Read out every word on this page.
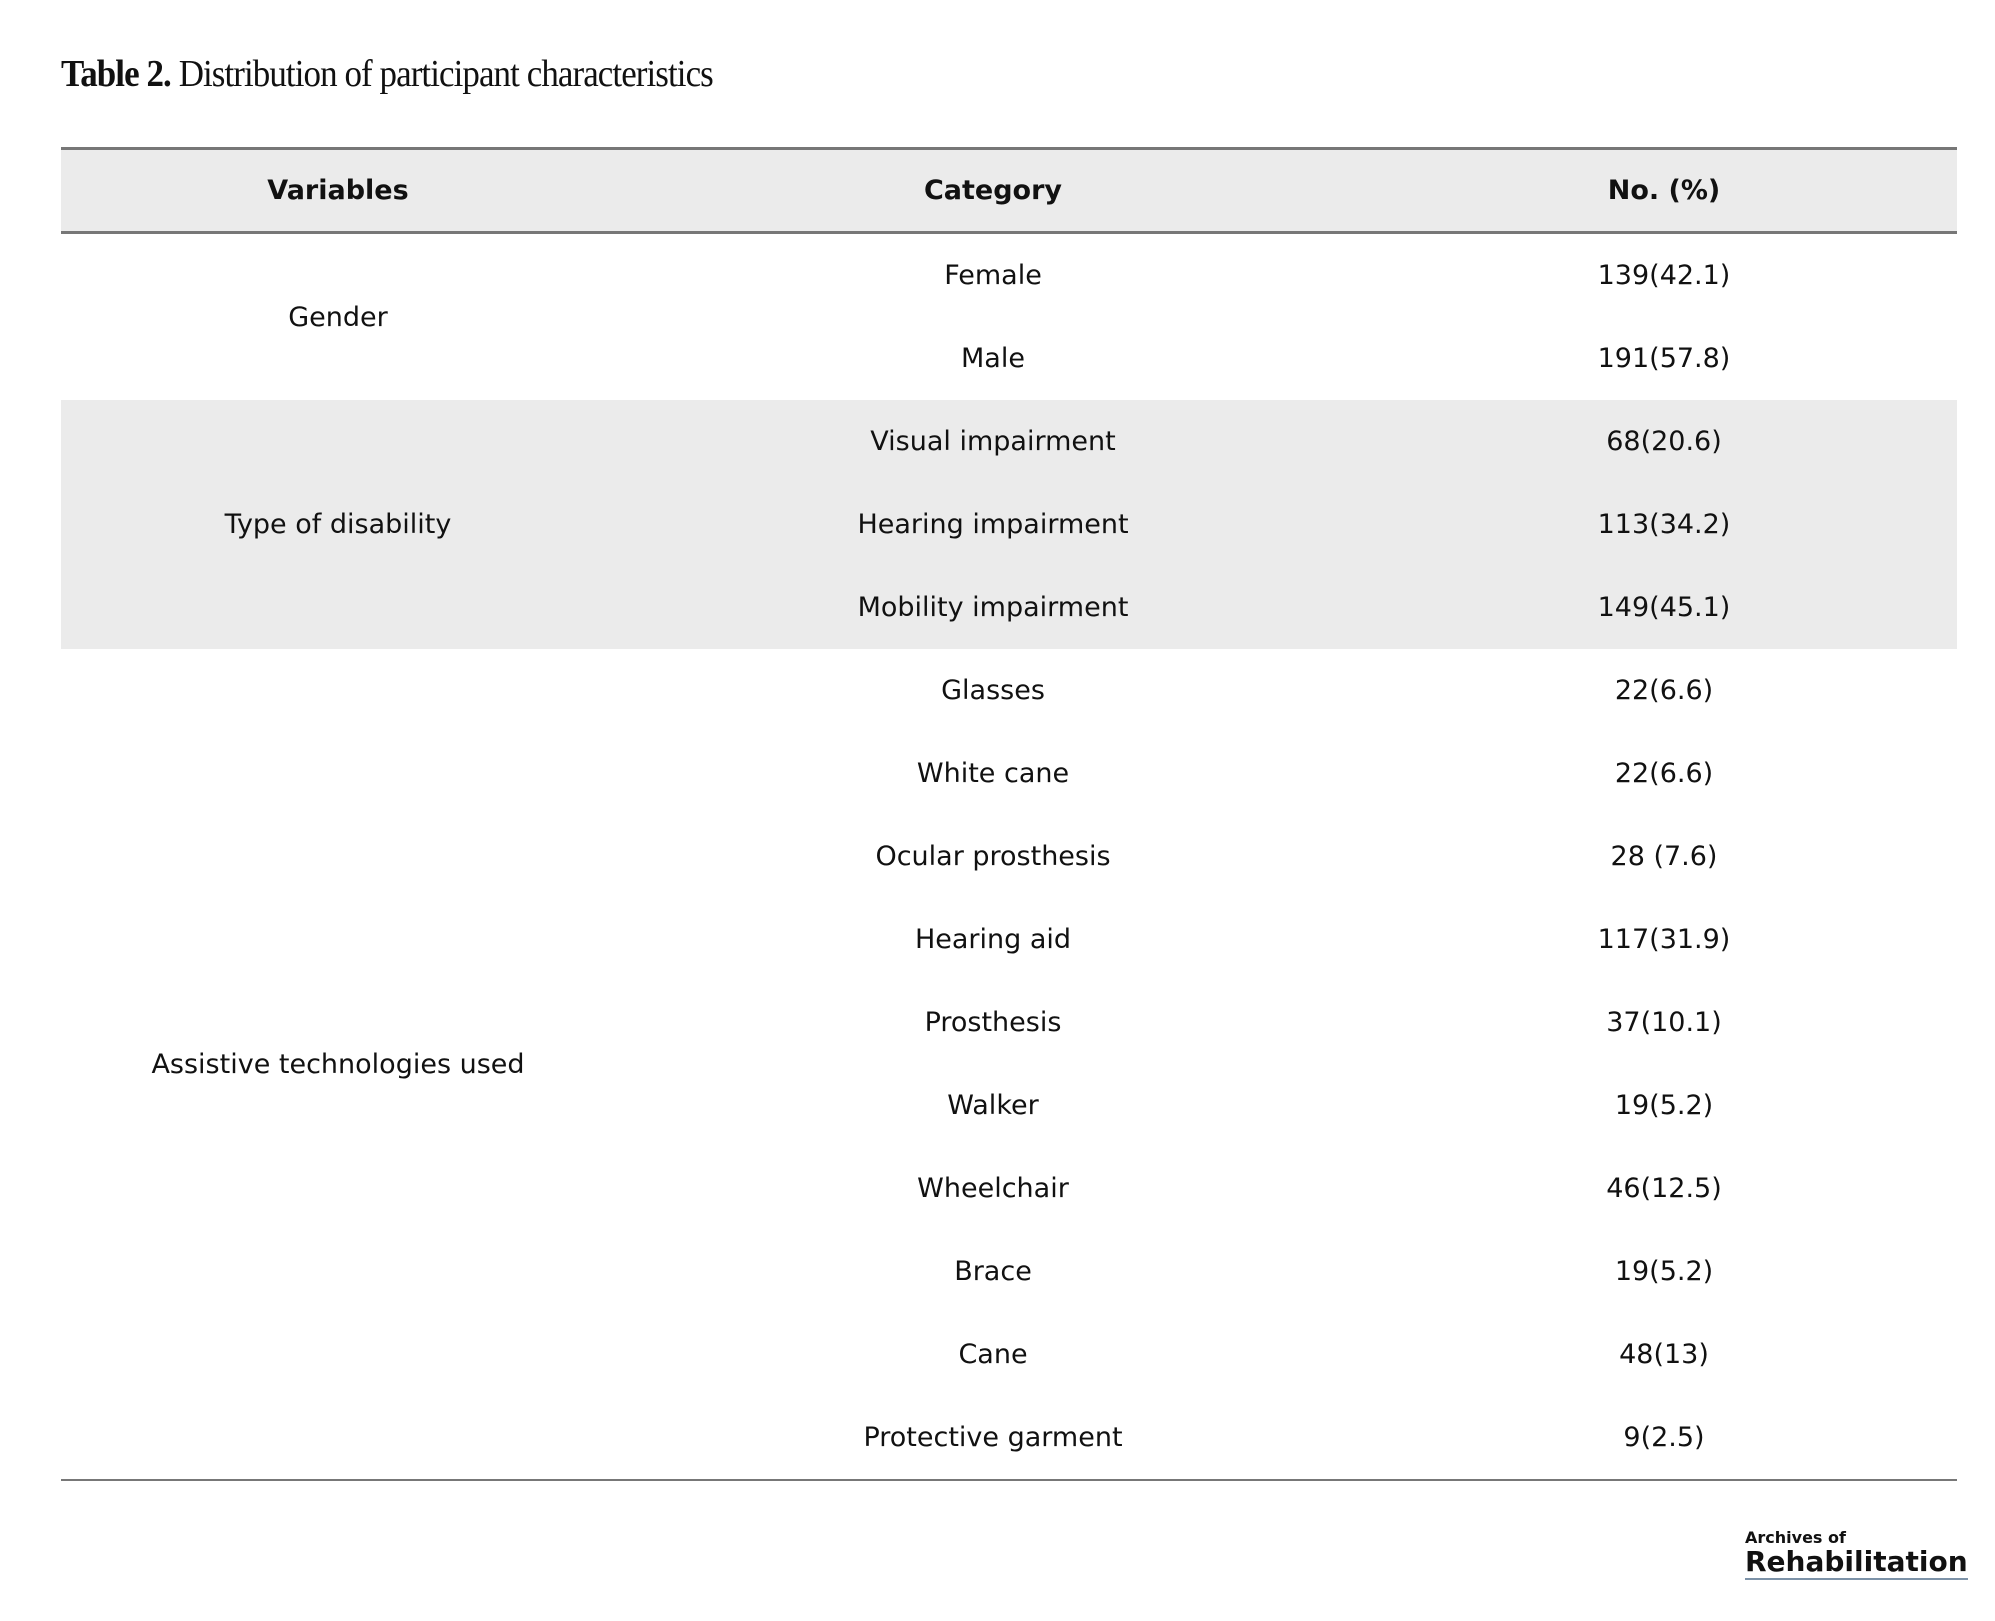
Table 2. Distribution of participant characteristics
Variables	Category	No. (%)
Gender	Female	139(42.1)
	Male	191(57.8)
Type of disability	Visual impairment	68(20.6)
	Hearing impairment	113(34.2)
	Mobility impairment	149(45.1)
Assistive technologies used	Glasses	22(6.6)
	White cane	22(6.6)
	Ocular prosthesis	28 (7.6)
	Hearing aid	117(31.9)
	Prosthesis	37(10.1)
	Walker	19(5.2)
	Wheelchair	46(12.5)
	Brace	19(5.2)
	Cane	48(13)
	Protective garment	9(2.5)
Archives of
Rehabilitation
